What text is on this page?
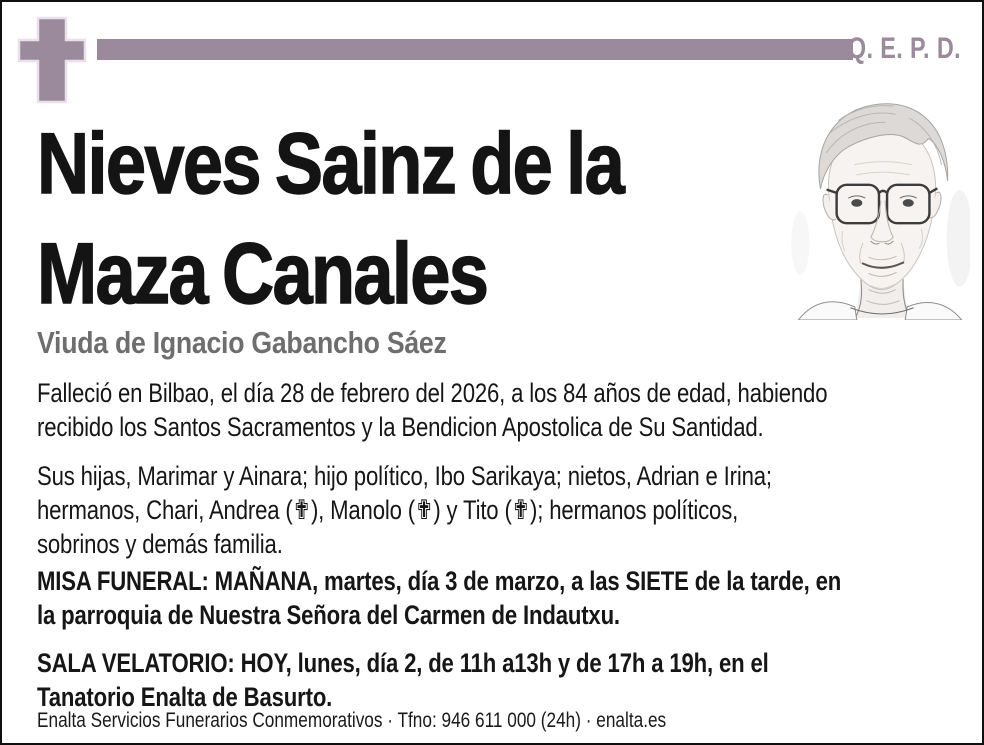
Q. E. P. D.
Nieves Sainz de la
Maza Canales
Viuda de Ignacio Gabancho Sáez
Falleció en Bilbao, el día 28 de febrero del 2026, a los 84 años de edad, habiendo
recibido los Santos Sacramentos y la Bendicion Apostolica de Su Santidad.
Sus hijas, Marimar y Ainara; hijo político, Ibo Sarikaya; nietos, Adrian e Irina;
hermanos, Chari, Andrea (✟), Manolo (✟) y Tito (✟); hermanos políticos,
sobrinos y demás familia.
MISA FUNERAL: MAÑANA, martes, día 3 de marzo, a las SIETE de la tarde, en
la parroquia de Nuestra Señora del Carmen de Indautxu.
SALA VELATORIO: HOY, lunes, día 2, de 11h a13h y de 17h a 19h, en el
Tanatorio Enalta de Basurto.
Enalta Servicios Funerarios Conmemorativos · Tfno: 946 611 000 (24h) · enalta.es
